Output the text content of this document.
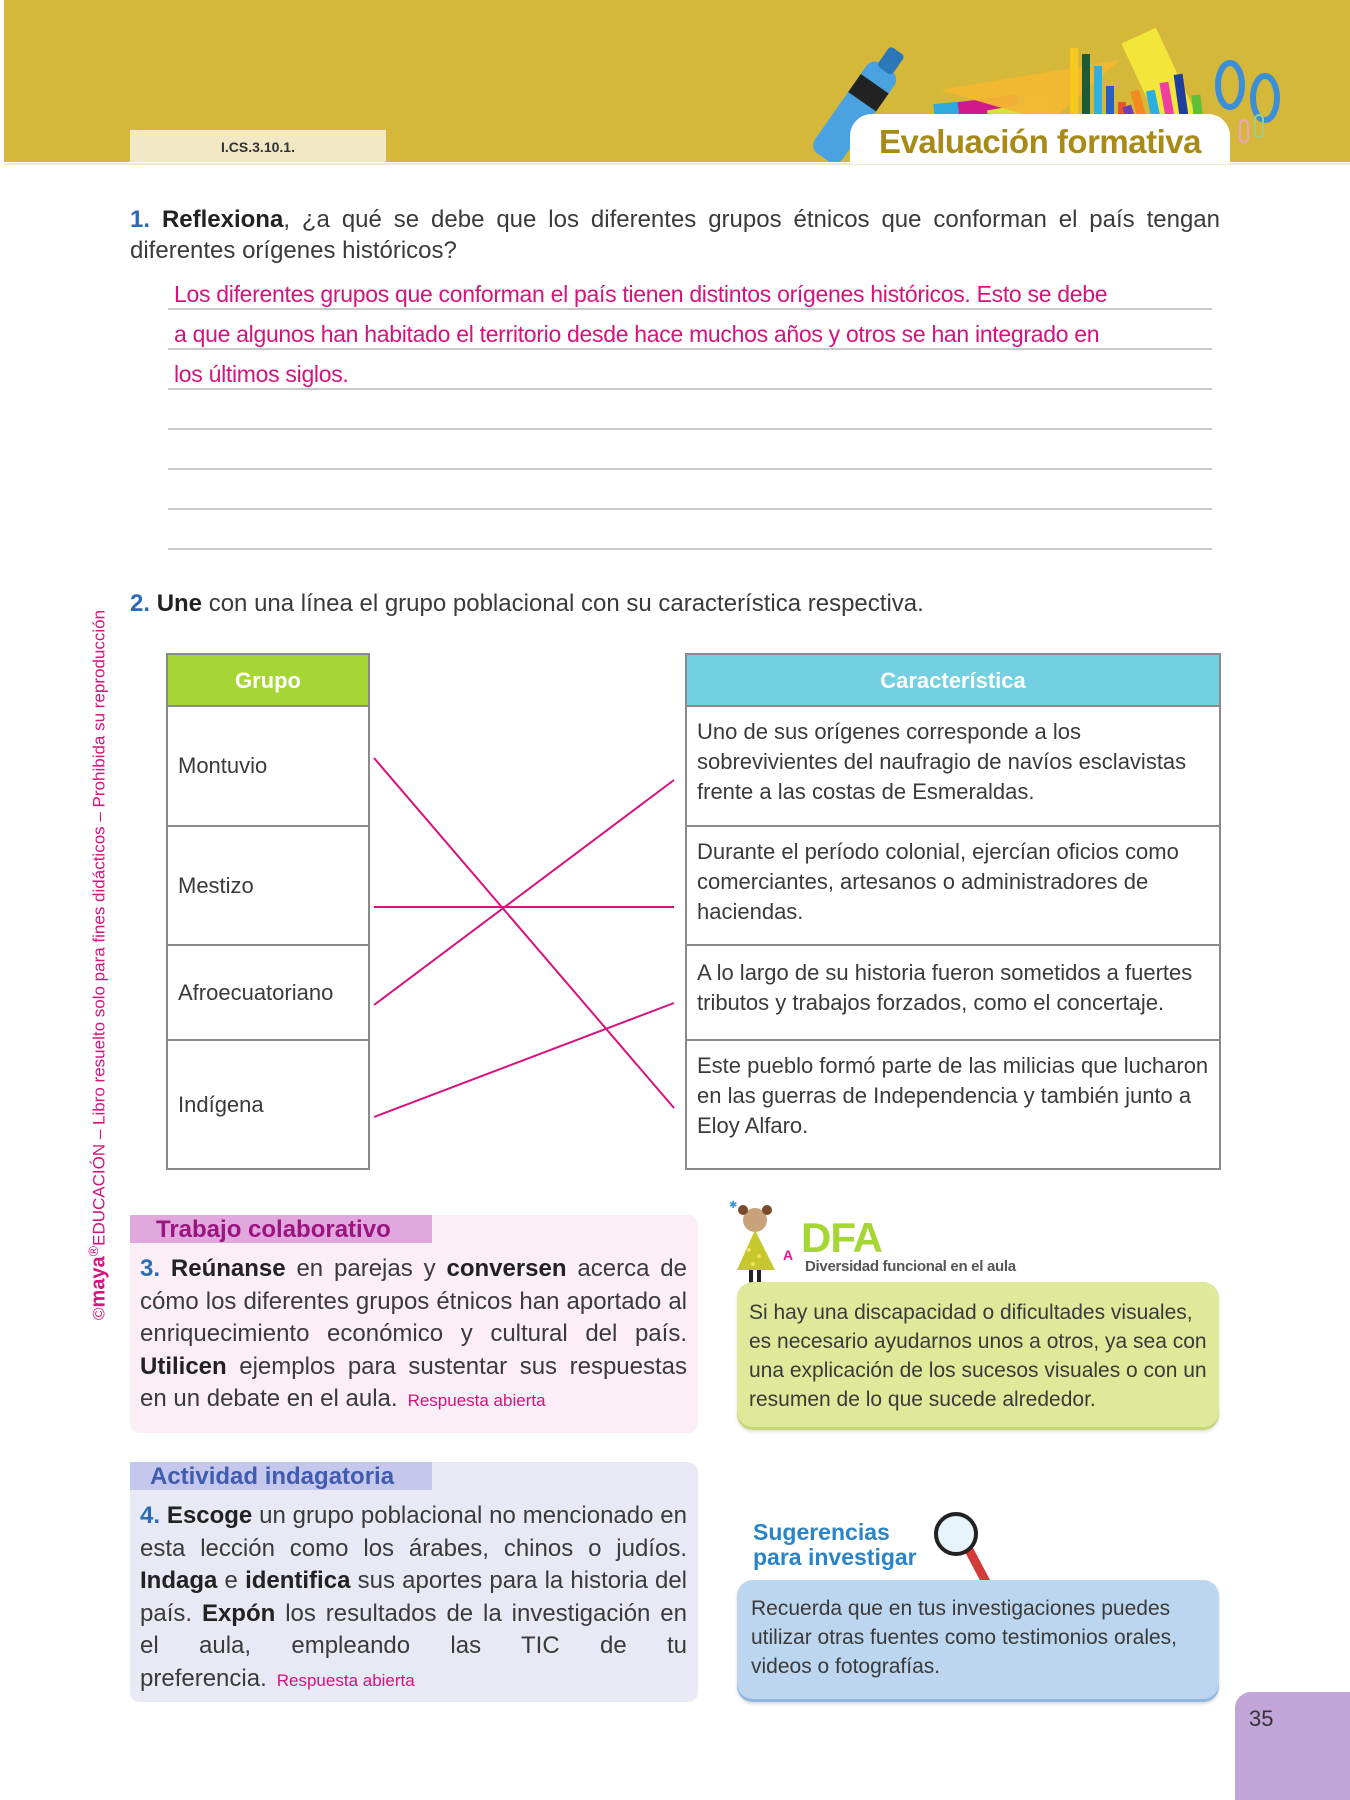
I.CS.3.10.1.	Evaluación formativa
©maya®EDUCACIÓN – Libro resuelto solo para fines didácticos – Prohibida su reproducción
1. Reflexiona, ¿a qué se debe que los diferentes grupos étnicos que conforman el país tengan diferentes orígenes históricos?
Los diferentes grupos que conforman el país tienen distintos orígenes históricos. Esto se debe
a que algunos han habitado el territorio desde hace muchos años y otros se han integrado en
los últimos siglos.
2. Une con una línea el grupo poblacional con su característica respectiva.
Grupo
Montuvio
Mestizo
Afroecuatoriano
Indígena
Característica
Uno de sus orígenes corresponde a los sobrevivientes del naufragio de navíos esclavistas frente a las costas de Esmeraldas.
Durante el período colonial, ejercían oficios como comerciantes, artesanos o administradores de haciendas.
A lo largo de su historia fueron sometidos a fuertes tributos y trabajos forzados, como el concertaje.
Este pueblo formó parte de las milicias que lucharon en las guerras de Independencia y también junto a Eloy Alfaro.
Trabajo colaborativo
3. Reúnanse en parejas y conversen acerca de cómo los diferentes grupos étnicos han aportado al enriquecimiento económico y cultural del país. Utilicen ejemplos para sustentar sus respuestas en un debate en el aula. Respuesta abierta
Actividad indagatoria
4. Escoge un grupo poblacional no mencionado en esta lección como los árabes, chinos o judíos. Indaga e identifica sus aportes para la historia del país. Expón los resultados de la investigación en el aula, empleando las TIC de tu preferencia. Respuesta abierta
A
✱
DFA
Diversidad funcional en el aula
Si hay una discapacidad o dificultades visuales, es necesario ayudarnos unos a otros, ya sea con una explicación de los sucesos visuales o con un resumen de lo que sucede alrededor.
Sugerencias
para investigar
Recuerda que en tus investigaciones puedes utilizar otras fuentes como testimonios orales, videos o fotografías.
35
